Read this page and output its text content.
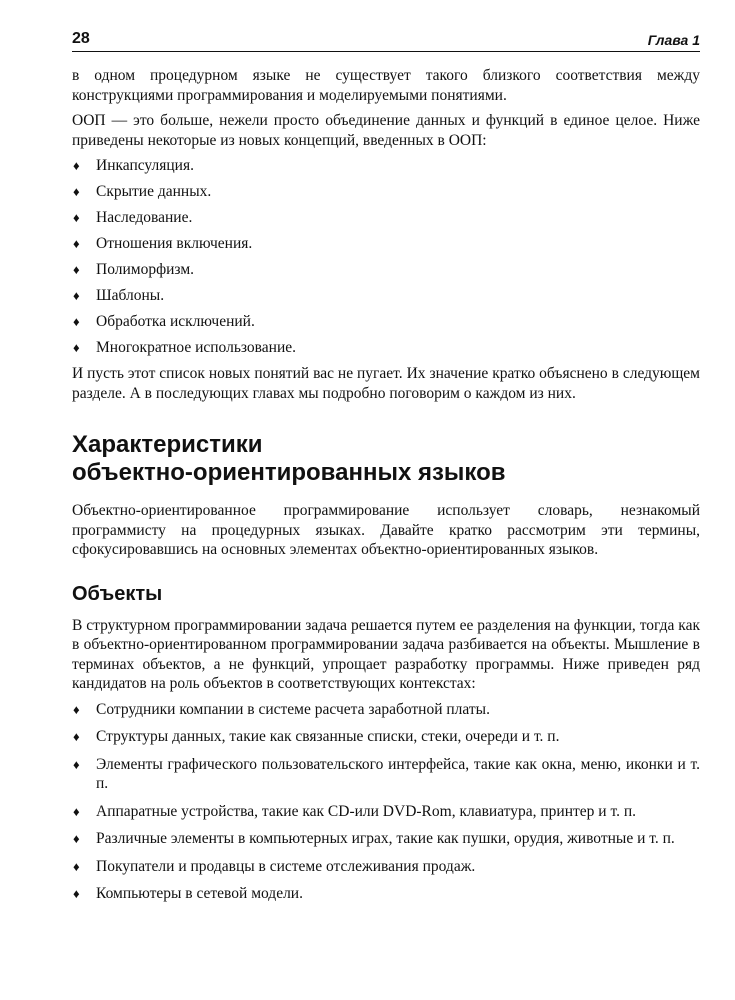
28	Глава 1

в одном процедурном языке не существует такого близкого соответствия между конструкциями программирования и моделируемыми понятиями.

ООП — это больше, нежели просто объединение данных и функций в единое целое. Ниже приведены некоторые из новых концепций, введенных в ООП:

♦ Инкапсуляция.
♦ Скрытие данных.
♦ Наследование.
♦ Отношения включения.
♦ Полиморфизм.
♦ Шаблоны.
♦ Обработка исключений.
♦ Многократное использование.

И пусть этот список новых понятий вас не пугает. Их значение кратко объяснено в следующем разделе. А в последующих главах мы подробно поговорим о каждом из них.

Характеристики
объектно-ориентированных языков

Объектно-ориентированное программирование использует словарь, незнакомый программисту на процедурных языках. Давайте кратко рассмотрим эти термины, сфокусировавшись на основных элементах объектно-ориентированных языков.

Объекты

В структурном программировании задача решается путем ее разделения на функции, тогда как в объектно-ориентированном программировании задача разбивается на объекты. Мышление в терминах объектов, а не функций, упрощает разработку программы. Ниже приведен ряд кандидатов на роль объектов в соответствующих контекстах:

♦ Сотрудники компании в системе расчета заработной платы.
♦ Структуры данных, такие как связанные списки, стеки, очереди и т. п.
♦ Элементы графического пользовательского интерфейса, такие как окна, меню, иконки и т. п.
♦ Аппаратные устройства, такие как CD-или DVD-Rom, клавиатура, принтер и т. п.
♦ Различные элементы в компьютерных играх, такие как пушки, орудия, животные и т. п.
♦ Покупатели и продавцы в системе отслеживания продаж.
♦ Компьютеры в сетевой модели.
